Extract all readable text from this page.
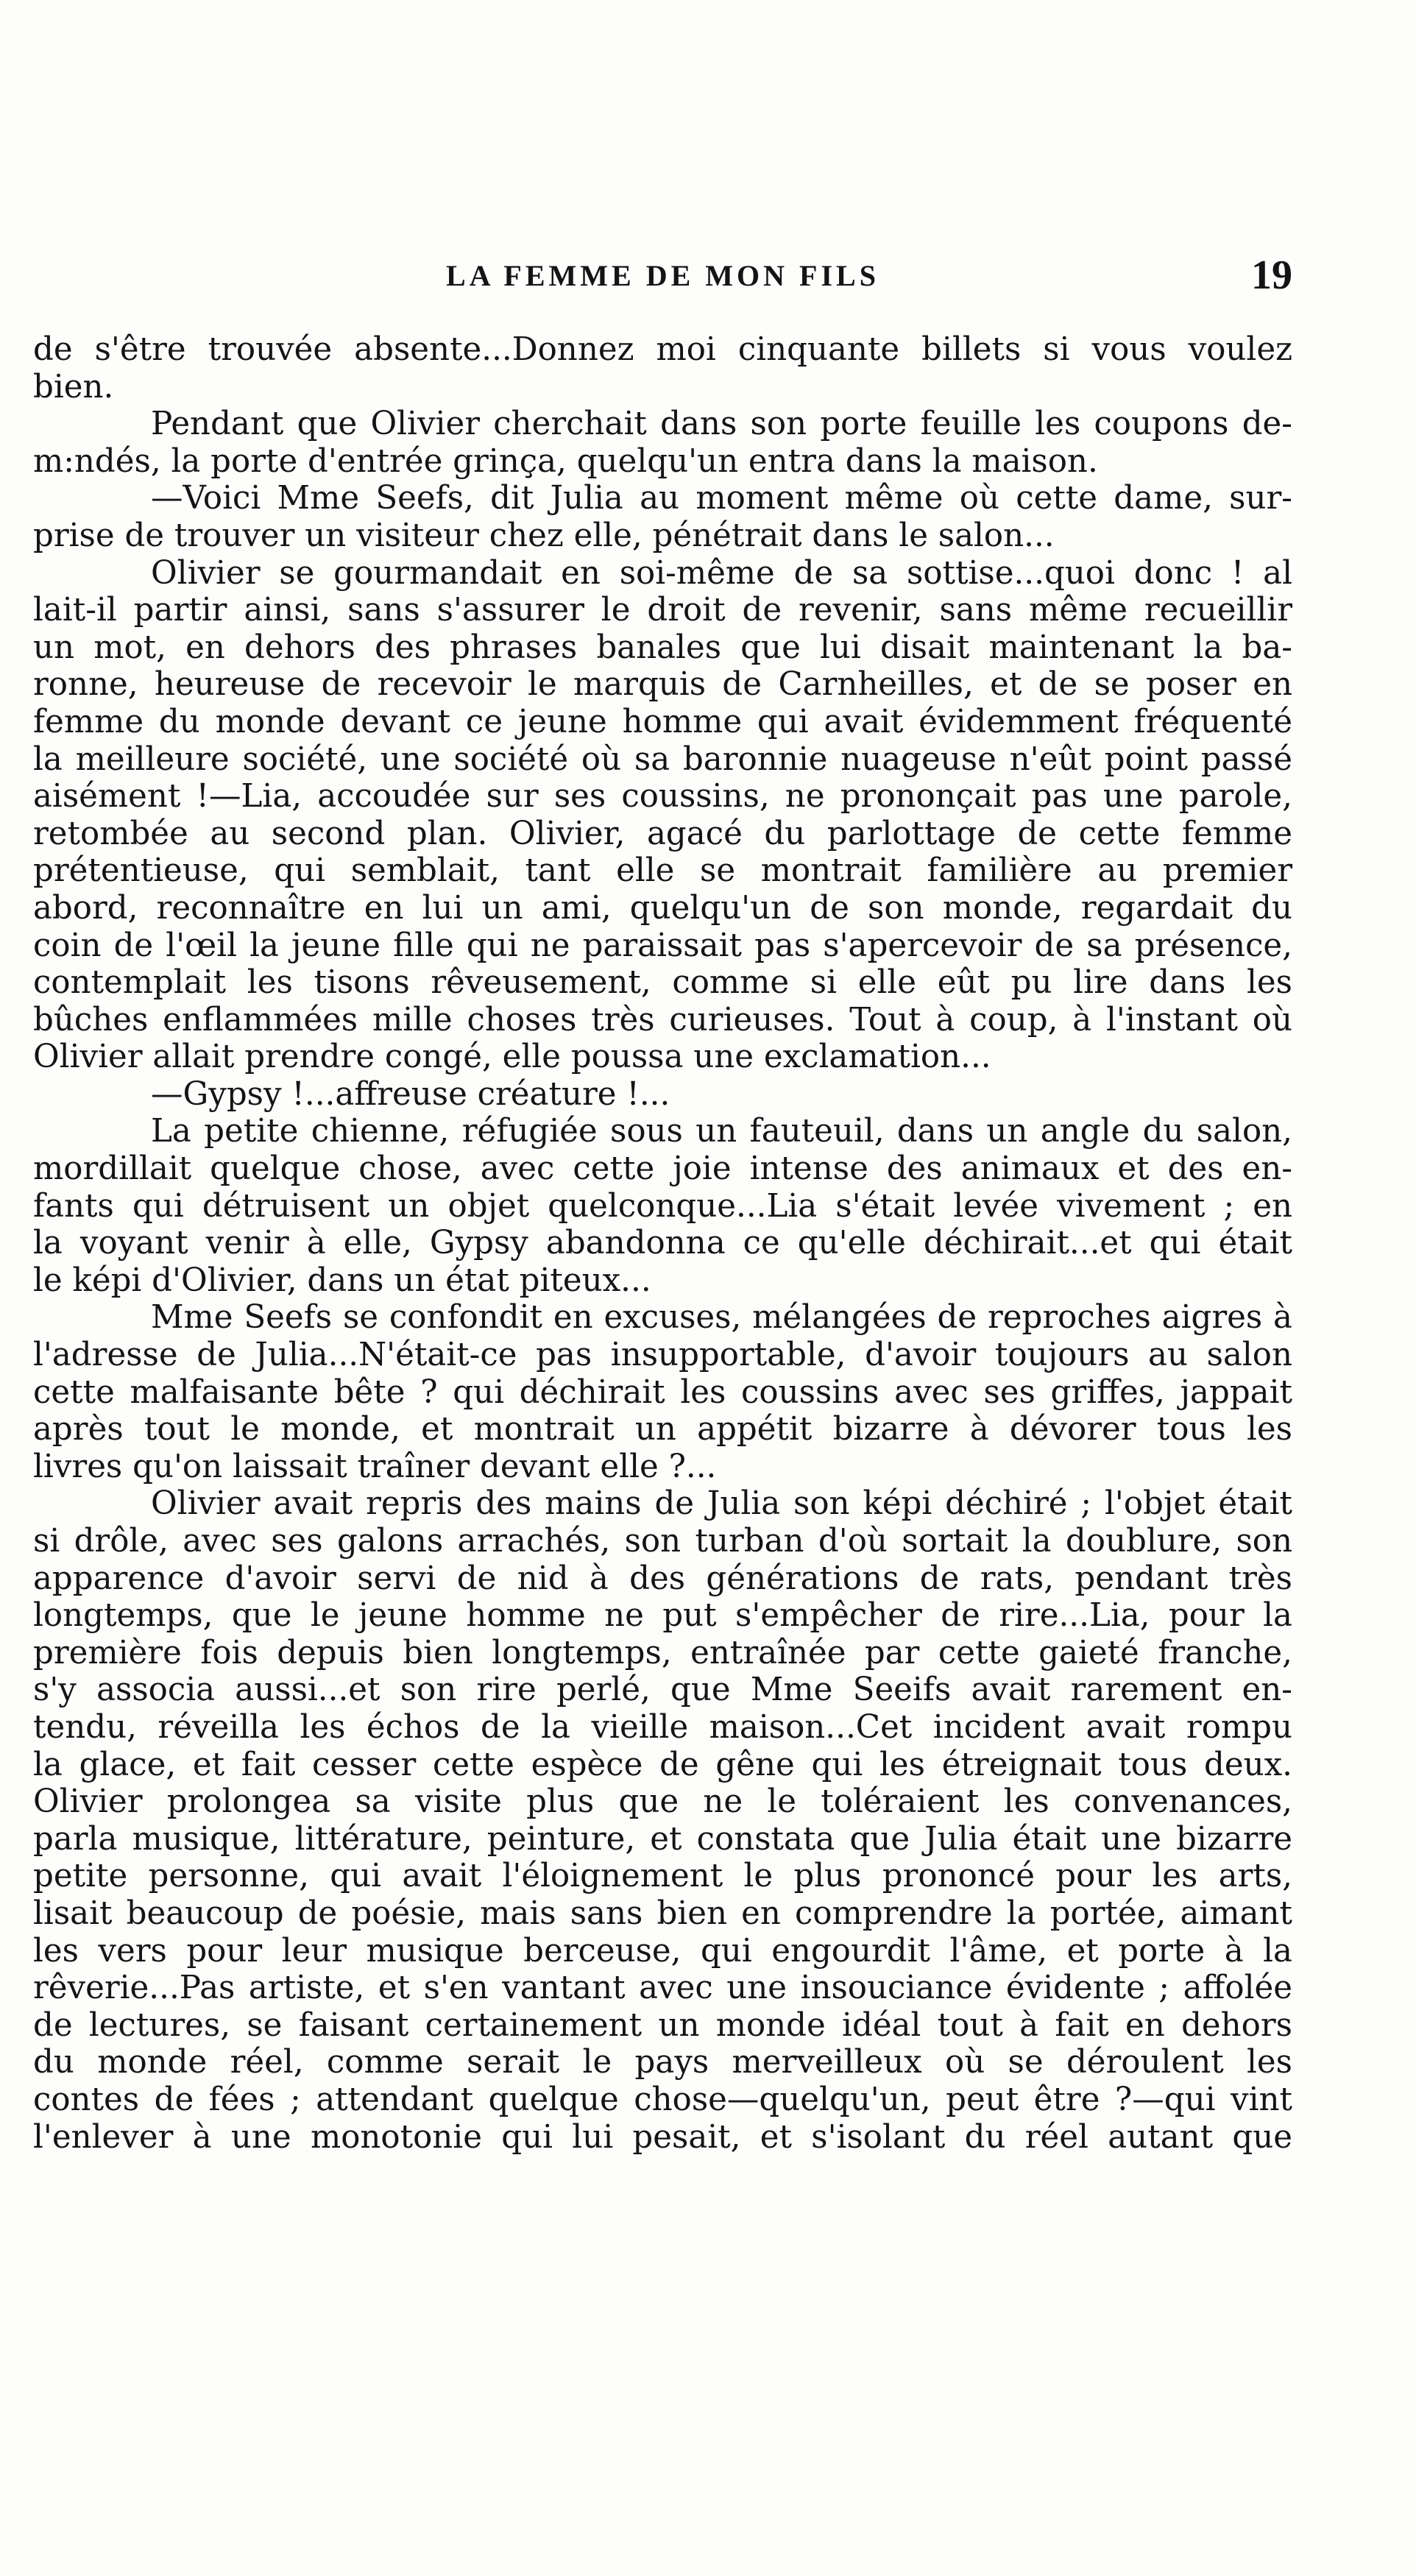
LA FEMME DE MON FILS	19
de s'être trouvée absente...Donnez moi cinquante billets si vous voulez
bien.
Pendant que Olivier cherchait dans son porte feuille les coupons de-
m:ndés, la porte d'entrée grinça, quelqu'un entra dans la maison.
—Voici Mme Seefs, dit Julia au moment même où cette dame, sur-
prise de trouver un visiteur chez elle, pénétrait dans le salon...
Olivier se gourmandait en soi-même de sa sottise...quoi donc ! al
lait-il partir ainsi, sans s'assurer le droit de revenir, sans même recueillir
un mot, en dehors des phrases banales que lui disait maintenant la ba-
ronne, heureuse de recevoir le marquis de Carnheilles, et de se poser en
femme du monde devant ce jeune homme qui avait évidemment fréquenté
la meilleure société, une société où sa baronnie nuageuse n'eût point passé
aisément !—Lia, accoudée sur ses coussins, ne prononçait pas une parole,
retombée au second plan. Olivier, agacé du parlottage de cette femme
prétentieuse, qui semblait, tant elle se montrait familière au premier
abord, reconnaître en lui un ami, quelqu'un de son monde, regardait du
coin de l'œil la jeune fille qui ne paraissait pas s'apercevoir de sa présence,
contemplait les tisons rêveusement, comme si elle eût pu lire dans les
bûches enflammées mille choses très curieuses. Tout à coup, à l'instant où
Olivier allait prendre congé, elle poussa une exclamation...
—Gypsy !...affreuse créature !...
La petite chienne, réfugiée sous un fauteuil, dans un angle du salon,
mordillait quelque chose, avec cette joie intense des animaux et des en-
fants qui détruisent un objet quelconque...Lia s'était levée vivement ; en
la voyant venir à elle, Gypsy abandonna ce qu'elle déchirait...et qui était
le képi d'Olivier, dans un état piteux...
Mme Seefs se confondit en excuses, mélangées de reproches aigres à
l'adresse de Julia...N'était-ce pas insupportable, d'avoir toujours au salon
cette malfaisante bête ? qui déchirait les coussins avec ses griffes, jappait
après tout le monde, et montrait un appétit bizarre à dévorer tous les
livres qu'on laissait traîner devant elle ?...
Olivier avait repris des mains de Julia son képi déchiré ; l'objet était
si drôle, avec ses galons arrachés, son turban d'où sortait la doublure, son
apparence d'avoir servi de nid à des générations de rats, pendant très
longtemps, que le jeune homme ne put s'empêcher de rire...Lia, pour la
première fois depuis bien longtemps, entraînée par cette gaieté franche,
s'y associa aussi...et son rire perlé, que Mme Seeifs avait rarement en-
tendu, réveilla les échos de la vieille maison...Cet incident avait rompu
la glace, et fait cesser cette espèce de gêne qui les étreignait tous deux.
Olivier prolongea sa visite plus que ne le toléraient les convenances,
parla musique, littérature, peinture, et constata que Julia était une bizarre
petite personne, qui avait l'éloignement le plus prononcé pour les arts,
lisait beaucoup de poésie, mais sans bien en comprendre la portée, aimant
les vers pour leur musique berceuse, qui engourdit l'âme, et porte à la
rêverie...Pas artiste, et s'en vantant avec une insouciance évidente ; affolée
de lectures, se faisant certainement un monde idéal tout à fait en dehors
du monde réel, comme serait le pays merveilleux où se déroulent les
contes de fées ; attendant quelque chose—quelqu'un, peut être ?—qui vint
l'enlever à une monotonie qui lui pesait, et s'isolant du réel autant que
